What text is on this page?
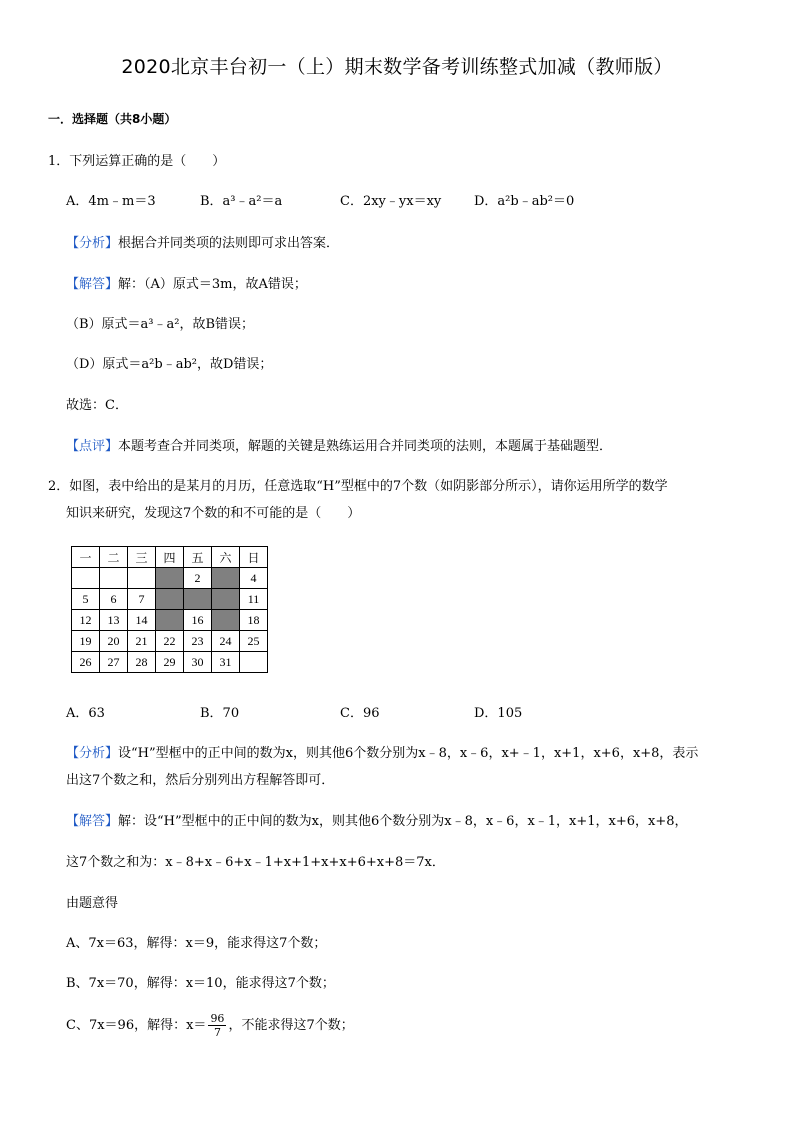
2020北京丰台初一（上）期末数学备考训练整式加减（教师版）
一．选择题（共8小题）
1．下列运算正确的是（　　）
A．4m﹣m＝3	B．a³﹣a²＝a	C．2xy﹣yx＝xy	D．a²b﹣ab²＝0
【分析】根据合并同类项的法则即可求出答案．
【解答】解：（A）原式＝3m，故A错误；
（B）原式＝a³﹣a²，故B错误；
（D）原式＝a²b﹣ab²，故D错误；
故选：C．
【点评】本题考查合并同类项，解题的关键是熟练运用合并同类项的法则，本题属于基础题型．
2．如图，表中给出的是某月的月历，任意选取“H”型框中的7个数（如阴影部分所示），请你运用所学的数学
知识来研究，发现这7个数的和不可能的是（　　）
一	二	三	四	五	六	日
				2		4
5	6	7				11
12	13	14		16		18
19	20	21	22	23	24	25
26	27	28	29	30	31	
A．63	B．70	C．96	D．105
【分析】设“H”型框中的正中间的数为x，则其他6个数分别为x﹣8，x﹣6，x+﹣1，x+1，x+6，x+8，表示
出这7个数之和，然后分别列出方程解答即可．
【解答】解：设“H”型框中的正中间的数为x，则其他6个数分别为x﹣8，x﹣6，x﹣1，x+1，x+6，x+8，
这7个数之和为：x﹣8+x﹣6+x﹣1+x+1+x+x+6+x+8＝7x．
由题意得
A、7x＝63，解得：x＝9，能求得这7个数；
B、7x＝70，解得：x＝10，能求得这7个数；
C、7x＝96，解得：$x= \frac{96}{7}$ ，不能求得这7个数；
